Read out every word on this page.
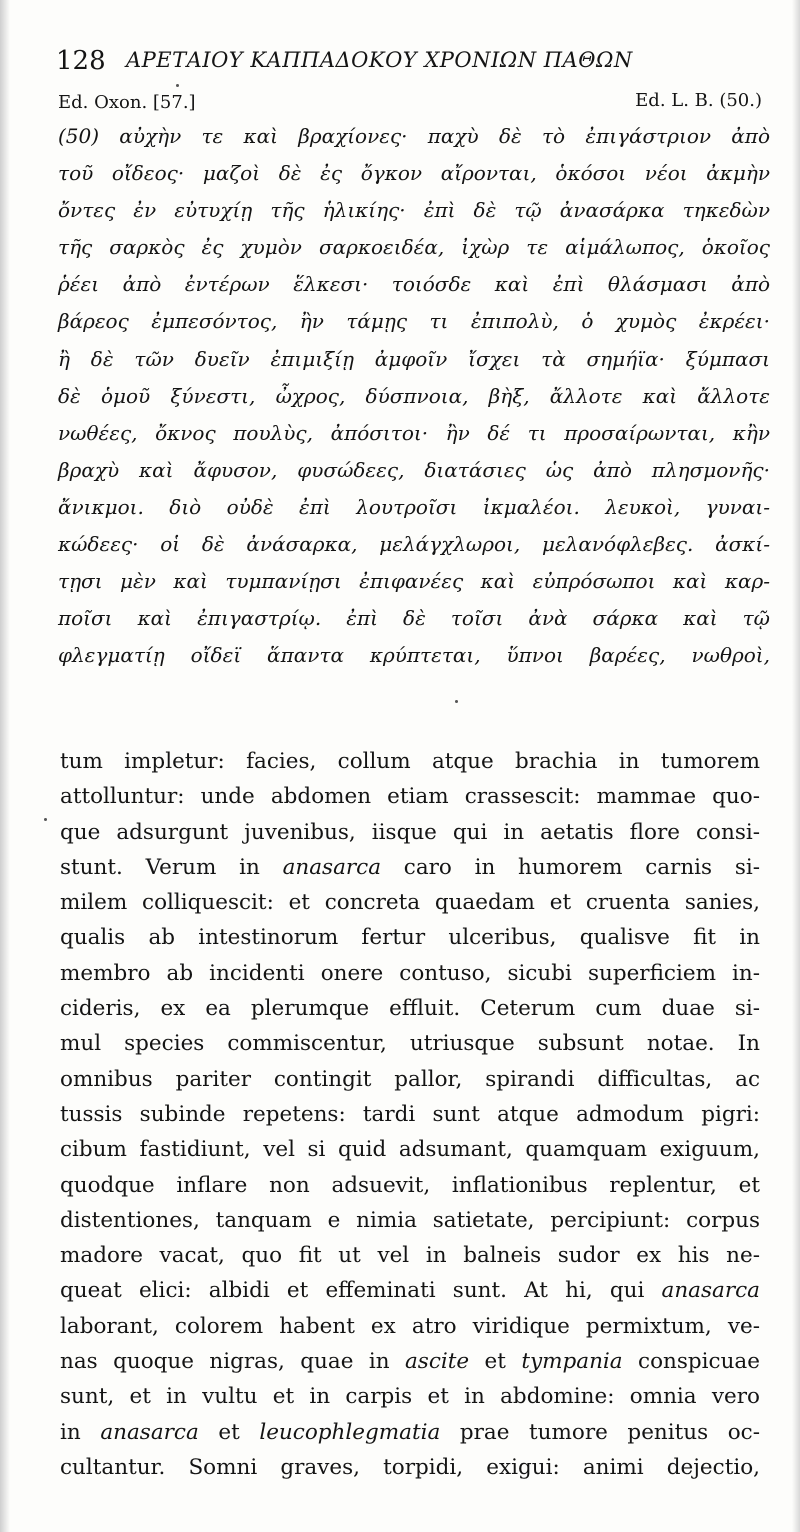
128 ΑΡΕΤΑΙΟΥ ΚΑΠΠΑΔΟΚΟΥ ΧΡΟΝΙΩΝ ΠΑΘΩΝ
Ed. Oxon. [57.]	Ed. L. B. (50.)
(50) αὐχὴν τε καὶ βραχίονες· παχὺ δὲ τὸ ἐπιγάστριον ἀπὸ
τοῦ οἴδεος· μαζοὶ δὲ ἐς ὄγκον αἴρονται, ὁκόσοι νέοι ἀκμὴν
ὄντες ἐν εὐτυχίῃ τῆς ἡλικίης· ἐπὶ δὲ τῷ ἀνασάρκα τηκεδὼν
τῆς σαρκὸς ἐς χυμὸν σαρκοειδέα, ἰχὼρ τε αἱμάλωπος, ὁκοῖος
ῥέει ἀπὸ ἐντέρων ἕλκεσι· τοιόσδε καὶ ἐπὶ θλάσμασι ἀπὸ
βάρεος ἐμπεσόντος, ἢν τάμῃς τι ἐπιπολὺ, ὁ χυμὸς ἐκρέει·
ἢ δὲ τῶν δυεῖν ἐπιμιξίῃ ἀμφοῖν ἴσχει τὰ σημήϊα· ξύμπασι
δὲ ὁμοῦ ξύνεστι, ὦχρος, δύσπνοια, βὴξ, ἄλλοτε καὶ ἄλλοτε
νωθέες, ὄκνος πουλὺς, ἀπόσιτοι· ἢν δέ τι προσαίρωνται, κἢν
βραχὺ καὶ ἄφυσον, φυσώδεες, διατάσιες ὡς ἀπὸ πλησμονῆς·
ἄνικμοι. διὸ οὐδὲ ἐπὶ λουτροῖσι ἰκμαλέοι. λευκοὶ, γυναι-
κώδεες· οἱ δὲ ἀνάσαρκα, μελάγχλωροι, μελανόφλεβες. ἀσκί-
τῃσι μὲν καὶ τυμπανίῃσι ἐπιφανέες καὶ εὐπρόσωποι καὶ καρ-
ποῖσι καὶ ἐπιγαστρίῳ. ἐπὶ δὲ τοῖσι ἀνὰ σάρκα καὶ τῷ
φλεγματίῃ οἴδεϊ ἅπαντα κρύπτεται, ὕπνοι βαρέες, νωθροὶ,
tum impletur: facies, collum atque brachia in tumorem
attolluntur: unde abdomen etiam crassescit: mammae quo-
que adsurgunt juvenibus, iisque qui in aetatis flore consi-
stunt. Verum in anasarca caro in humorem carnis si-
milem colliquescit: et concreta quaedam et cruenta sanies,
qualis ab intestinorum fertur ulceribus, qualisve fit in
membro ab incidenti onere contuso, sicubi superficiem in-
cideris, ex ea plerumque effluit. Ceterum cum duae si-
mul species commiscentur, utriusque subsunt notae. In
omnibus pariter contingit pallor, spirandi difficultas, ac
tussis subinde repetens: tardi sunt atque admodum pigri:
cibum fastidiunt, vel si quid adsumant, quamquam exiguum,
quodque inflare non adsuevit, inflationibus replentur, et
distentiones, tanquam e nimia satietate, percipiunt: corpus
madore vacat, quo fit ut vel in balneis sudor ex his ne-
queat elici: albidi et effeminati sunt. At hi, qui anasarca
laborant, colorem habent ex atro viridique permixtum, ve-
nas quoque nigras, quae in ascite et tympania conspicuae
sunt, et in vultu et in carpis et in abdomine: omnia vero
in anasarca et leucophlegmatia prae tumore penitus oc-
cultantur. Somni graves, torpidi, exigui: animi dejectio,
